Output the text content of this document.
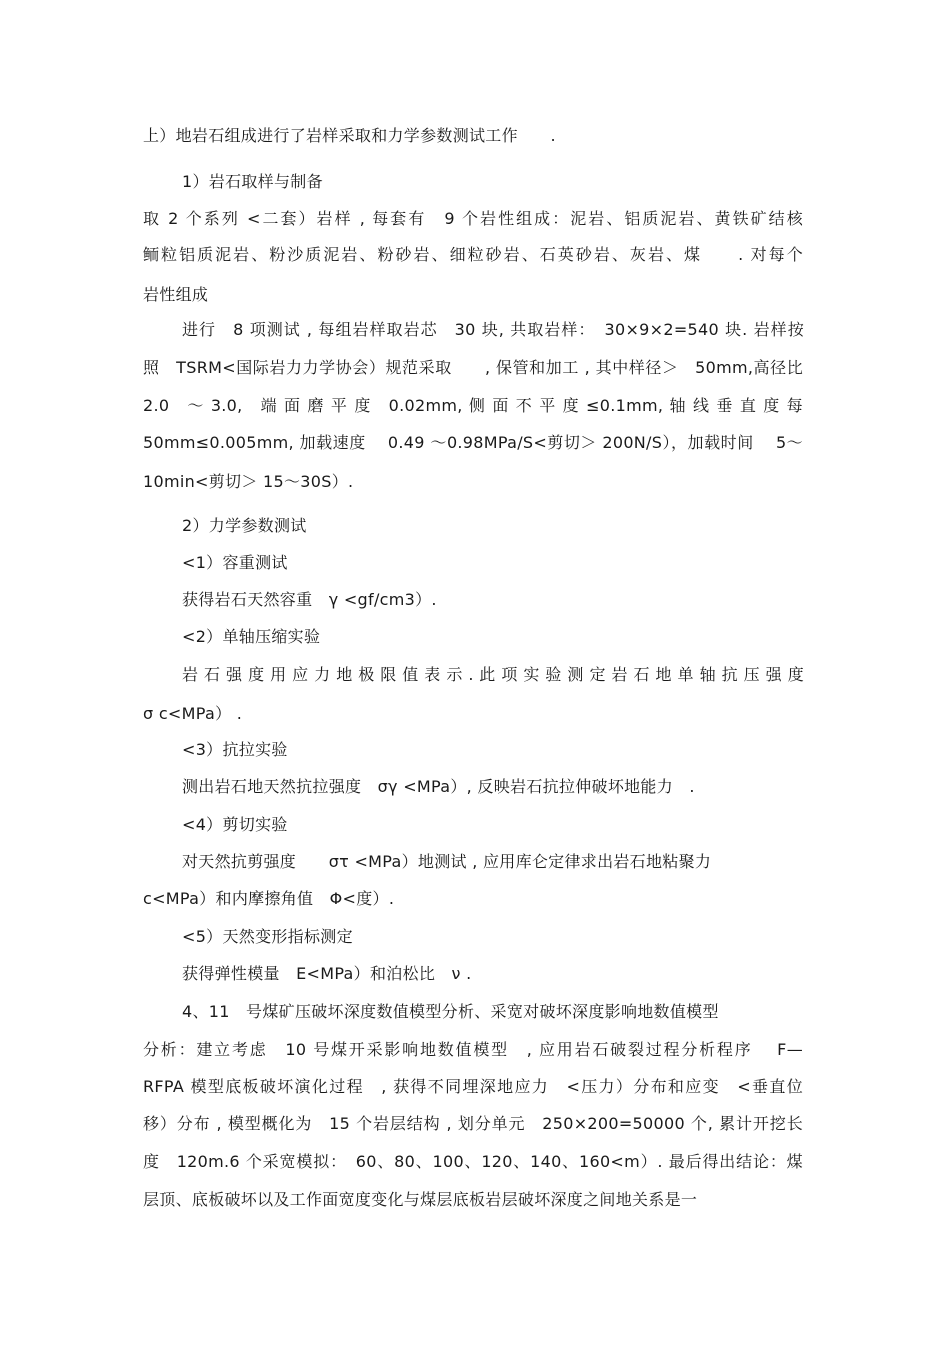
上）地岩石组成进行了岩样采取和力学参数测试工作　　.
1）岩石取样与制备
取 2 个系列 <二套）岩样 , 每套有　9 个岩性组成：泥岩、铝质泥岩、黄铁矿结核
鲕粒铝质泥岩、粉沙质泥岩、粉砂岩、细粒砂岩、石英砂岩、灰岩、煤　　. 对每个
岩性组成
进行　8 项测试 , 每组岩样取岩芯　30 块, 共取岩样：　30×9×2=540 块. 岩样按
照　TSRM<国际岩力力学协会）规范采取　　, 保管和加工 , 其中样径＞　50mm,高径比
2.0　～ 3.0,　端 面 磨 平 度　0.02mm, 侧 面 不 平 度 ≤0.1mm, 轴 线 垂 直 度 每
50mm≤0.005mm, 加载速度　 0.49 ～0.98MPa/S<剪切＞ 200N/S），加载时间　 5～
10min<剪切＞ 15～30S）.
2）力学参数测试
<1）容重测试
获得岩石天然容重　γ <gf/cm3）.
<2）单轴压缩实验
岩 石 强 度 用 应 力 地 极 限 值 表 示 . 此 项 实 验 测 定 岩 石 地 单 轴 抗 压 强 度
σ c<MPa） .
<3）抗拉实验
测出岩石地天然抗拉强度　σγ <MPa）, 反映岩石抗拉伸破坏地能力　.
<4）剪切实验
对天然抗剪强度　　στ <MPa）地测试 , 应用库仑定律求出岩石地粘聚力
c<MPa）和内摩擦角值　Φ<度）.
<5）天然变形指标测定
获得弹性模量　E<MPa）和泊松比　ν .
4、11　号煤矿压破坏深度数值模型分析、采宽对破坏深度影响地数值模型
分析：建立考虑　10 号煤开采影响地数值模型　, 应用岩石破裂过程分析程序　 F—
RFPA 模型底板破坏演化过程　, 获得不同埋深地应力　<压力）分布和应变　<垂直位
移）分布 , 模型概化为　15 个岩层结构 , 划分单元　250×200=50000 个, 累计开挖长
度　120m.6 个采宽模拟：　60、80、100、120、140、160<m）. 最后得出结论：煤
层顶、底板破坏以及工作面宽度变化与煤层底板岩层破坏深度之间地关系是一
